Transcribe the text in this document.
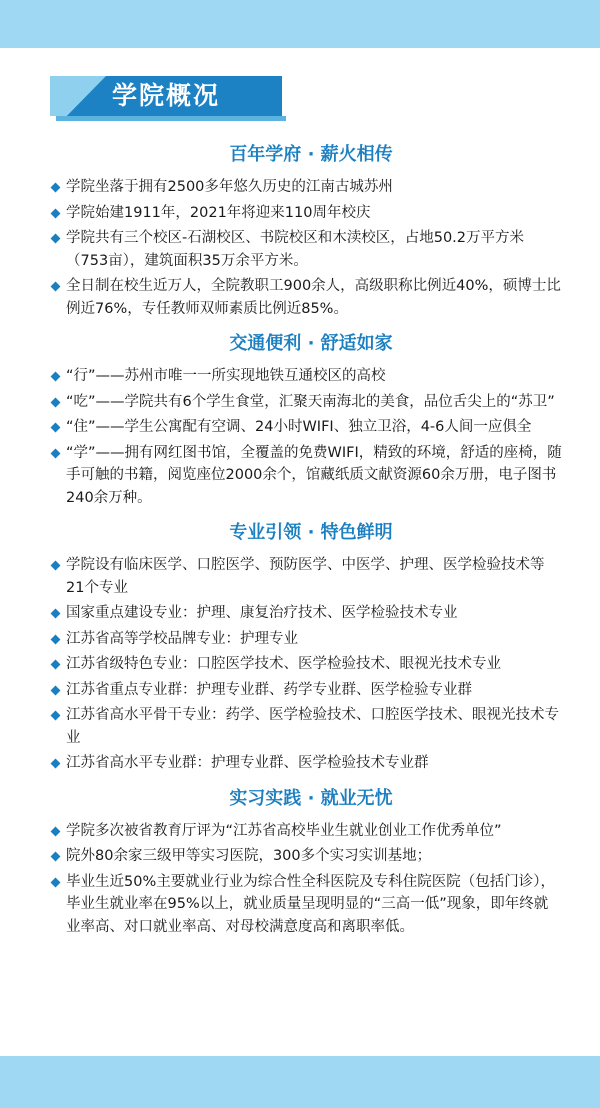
学院概况
百年学府 · 薪火相传
学院坐落于拥有2500多年悠久历史的江南古城苏州
学院始建1911年，2021年将迎来110周年校庆
学院共有三个校区-石湖校区、书院校区和木渎校区，占地50.2万平方米（753亩），建筑面积35万余平方米。
全日制在校生近万人，全院教职工900余人，高级职称比例近40%，硕博士比例近76%，专任教师双师素质比例近85%。
交通便利 · 舒适如家
“行”——苏州市唯一一所实现地铁互通校区的高校
“吃”——学院共有6个学生食堂，汇聚天南海北的美食，品位舌尖上的“苏卫”
“住”——学生公寓配有空调、24小时WIFI、独立卫浴，4-6人间一应俱全
“学”——拥有网红图书馆，全覆盖的免费WIFI，精致的环境，舒适的座椅，随手可触的书籍，阅览座位2000余个，馆藏纸质文献资源60余万册，电子图书240余万种。
专业引领 · 特色鲜明
学院设有临床医学、口腔医学、预防医学、中医学、护理、医学检验技术等21个专业
国家重点建设专业：护理、康复治疗技术、医学检验技术专业
江苏省高等学校品牌专业：护理专业
江苏省级特色专业：口腔医学技术、医学检验技术、眼视光技术专业
江苏省重点专业群：护理专业群、药学专业群、医学检验专业群
江苏省高水平骨干专业：药学、医学检验技术、口腔医学技术、眼视光技术专业
江苏省高水平专业群：护理专业群、医学检验技术专业群
实习实践 · 就业无忧
学院多次被省教育厅评为“江苏省高校毕业生就业创业工作优秀单位”
院外80余家三级甲等实习医院，300多个实习实训基地；
毕业生近50%主要就业行业为综合性全科医院及专科住院医院（包括门诊），毕业生就业率在95%以上，就业质量呈现明显的“三高一低”现象，即年终就业率高、对口就业率高、对母校满意度高和离职率低。
